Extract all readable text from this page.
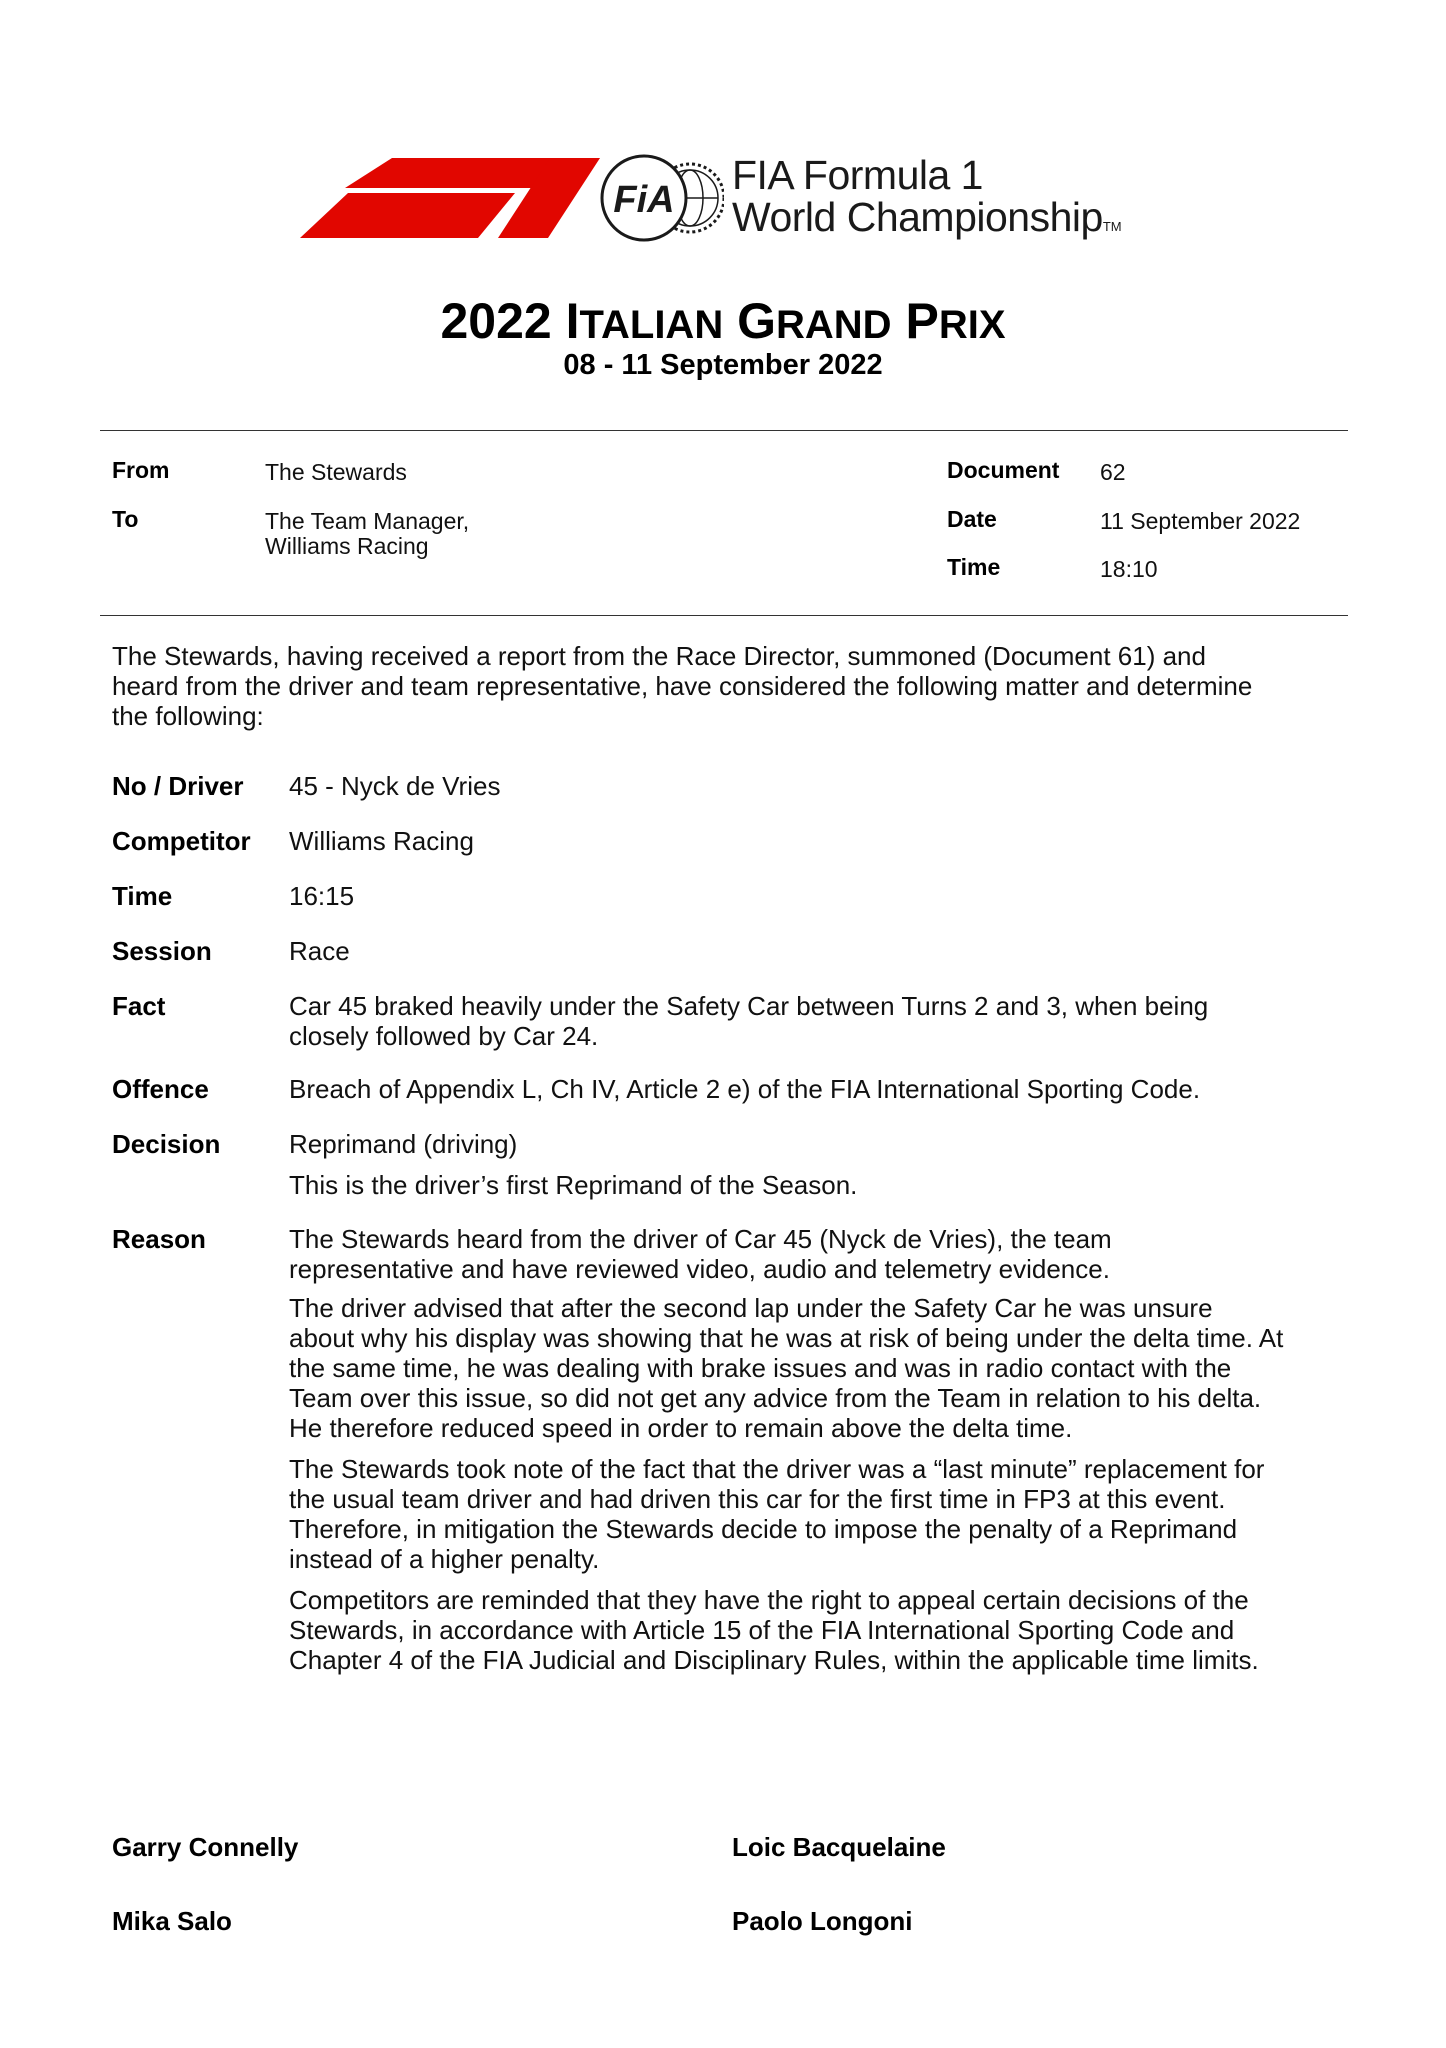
FiA
FIA Formula 1
World ChampionshipTM
2022 ITALIAN GRAND PRIX
08 - 11 September 2022
From	The Stewards
To	The Team Manager,
Williams Racing
Document 62
Date	11 September 2022
Time	18:10
The Stewards, having received a report from the Race Director, summoned (Document 61) and
heard from the driver and team representative, have considered the following matter and determine
the following:
No / Driver 45 - Nyck de Vries
Competitor Williams Racing
Time	16:15
Session	Race
Fact	Car 45 braked heavily under the Safety Car between Turns 2 and 3, when being
closely followed by Car 24.
Offence	Breach of Appendix L, Ch IV, Article 2 e) of the FIA International Sporting Code.
Decision	Reprimand (driving)
This is the driver’s first Reprimand of the Season.
Reason	The Stewards heard from the driver of Car 45 (Nyck de Vries), the team
representative and have reviewed video, audio and telemetry evidence.
The driver advised that after the second lap under the Safety Car he was unsure
about why his display was showing that he was at risk of being under the delta time. At
the same time, he was dealing with brake issues and was in radio contact with the
Team over this issue, so did not get any advice from the Team in relation to his delta.
He therefore reduced speed in order to remain above the delta time.
The Stewards took note of the fact that the driver was a “last minute” replacement for
the usual team driver and had driven this car for the first time in FP3 at this event.
Therefore, in mitigation the Stewards decide to impose the penalty of a Reprimand
instead of a higher penalty.
Competitors are reminded that they have the right to appeal certain decisions of the
Stewards, in accordance with Article 15 of the FIA International Sporting Code and
Chapter 4 of the FIA Judicial and Disciplinary Rules, within the applicable time limits.
Garry Connelly	Loic Bacquelaine
Mika Salo	Paolo Longoni
